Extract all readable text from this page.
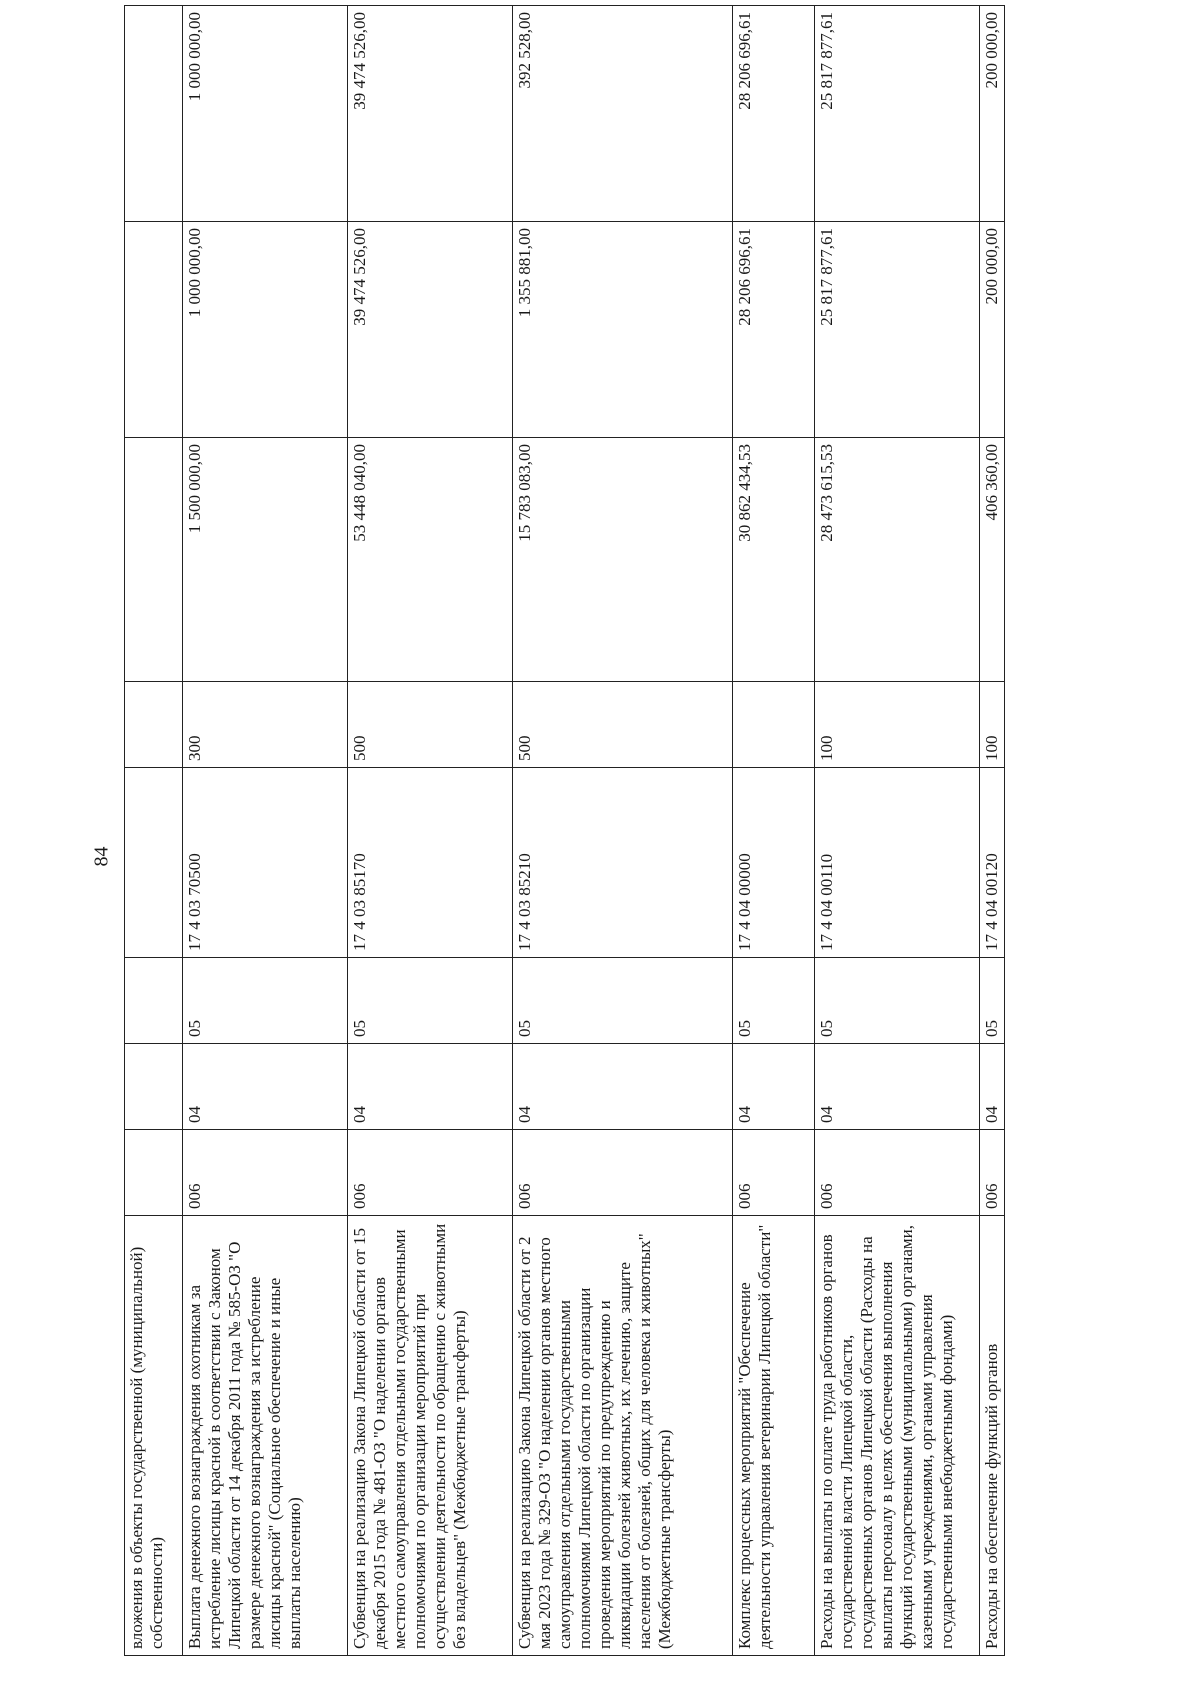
84
вложения в объекты государственной (муниципальной) собственности)								
Выплата денежного вознаграждения охотникам за истребление лисицы красной в соответствии с Законом Липецкой области от 14 декабря 2011 года № 585-ОЗ "О размере денежного вознаграждения за истребление лисицы красной" (Социальное обеспечение и иные выплаты населению)	006	04	05	17 4 03 70500	300	1 500 000,00	1 000 000,00	1 000 000,00
Субвенция на реализацию Закона Липецкой области от 15 декабря 2015 года № 481-ОЗ "О наделении органов местного самоуправления отдельными государственными полномочиями по организации мероприятий при осуществлении деятельности по обращению с животными без владельцев" (Межбюджетные трансферты)	006	04	05	17 4 03 85170	500	53 448 040,00	39 474 526,00	39 474 526,00
Субвенция на реализацию Закона Липецкой области от 2 мая 2023 года № 329-ОЗ "О наделении органов местного самоуправления отдельными государственными полномочиями Липецкой области по организации проведения мероприятий по предупреждению и ликвидации болезней животных, их лечению, защите населения от болезней, общих для человека и животных" (Межбюджетные трансферты)	006	04	05	17 4 03 85210	500	15 783 083,00	1 355 881,00	392 528,00
Комплекс процессных мероприятий "Обеспечение деятельности управления ветеринарии Липецкой области"	006	04	05	17 4 04 00000		30 862 434,53	28 206 696,61	28 206 696,61
Расходы на выплаты по оплате труда работников органов государственной власти Липецкой области, государственных органов Липецкой области (Расходы на выплаты персоналу в целях обеспечения выполнения функций государственными (муниципальными) органами, казенными учреждениями, органами управления государственными внебюджетными фондами)	006	04	05	17 4 04 00110	100	28 473 615,53	25 817 877,61	25 817 877,61
Расходы на обеспечение функций органов	006	04	05	17 4 04 00120	100	406 360,00	200 000,00	200 000,00
